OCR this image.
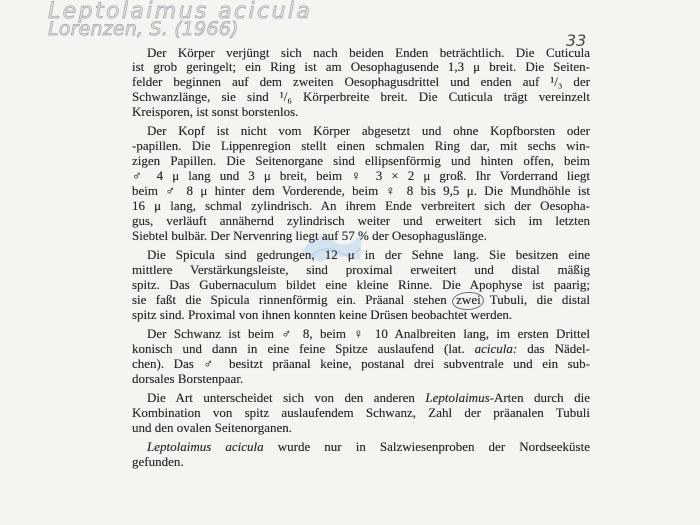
Leptolaimus acicula
Lorenzen, S. (1966)
33
Der Körper verjüngt sich nach beiden Enden beträchtlich. Die Cuticula
ist grob geringelt; ein Ring ist am Oesophagusende 1,3 μ breit. Die Seiten-
felder beginnen auf dem zweiten Oesophagusdrittel und enden auf ¹/₃ der
Schwanzlänge, sie sind ¹/₆ Körperbreite breit. Die Cuticula trägt vereinzelt
Kreisporen, ist sonst borstenlos.
Der Kopf ist nicht vom Körper abgesetzt und ohne Kopfborsten oder
-papillen. Die Lippenregion stellt einen schmalen Ring dar, mit sechs win-
zigen Papillen. Die Seitenorgane sind ellipsenförmig und hinten offen, beim
♂ 4 μ lang und 3 μ breit, beim ♀ 3 × 2 μ groß. Ihr Vorderrand liegt
beim ♂ 8 μ hinter dem Vorderende, beim ♀ 8 bis 9,5 μ. Die Mundhöhle ist
16 μ lang, schmal zylindrisch. An ihrem Ende verbreitert sich der Oesopha-
gus, verläuft annähernd zylindrisch weiter und erweitert sich im letzten
Siebtel bulbär. Der Nervenring liegt auf 57 % der Oesophaguslänge.
Die Spicula sind gedrungen, 12 μ in der Sehne lang. Sie besitzen eine
mittlere Verstärkungsleiste, sind proximal erweitert und distal mäßig
spitz. Das Gubernaculum bildet eine kleine Rinne. Die Apophyse ist paarig;
sie faßt die Spicula rinnenförmig ein. Präanal stehen zwei Tubuli, die distal
spitz sind. Proximal von ihnen konnten keine Drüsen beobachtet werden.
Der Schwanz ist beim ♂ 8, beim ♀ 10 Analbreiten lang, im ersten Drittel
konisch und dann in eine feine Spitze auslaufend (lat. acicula: das Nädel-
chen). Das ♂ besitzt präanal keine, postanal drei subventrale und ein sub-
dorsales Borstenpaar.
Die Art unterscheidet sich von den anderen Leptolaimus-Arten durch die
Kombination von spitz auslaufendem Schwanz, Zahl der präanalen Tubuli
und den ovalen Seitenorganen.
Leptolaimus acicula wurde nur in Salzwiesenproben der Nordseeküste
gefunden.
